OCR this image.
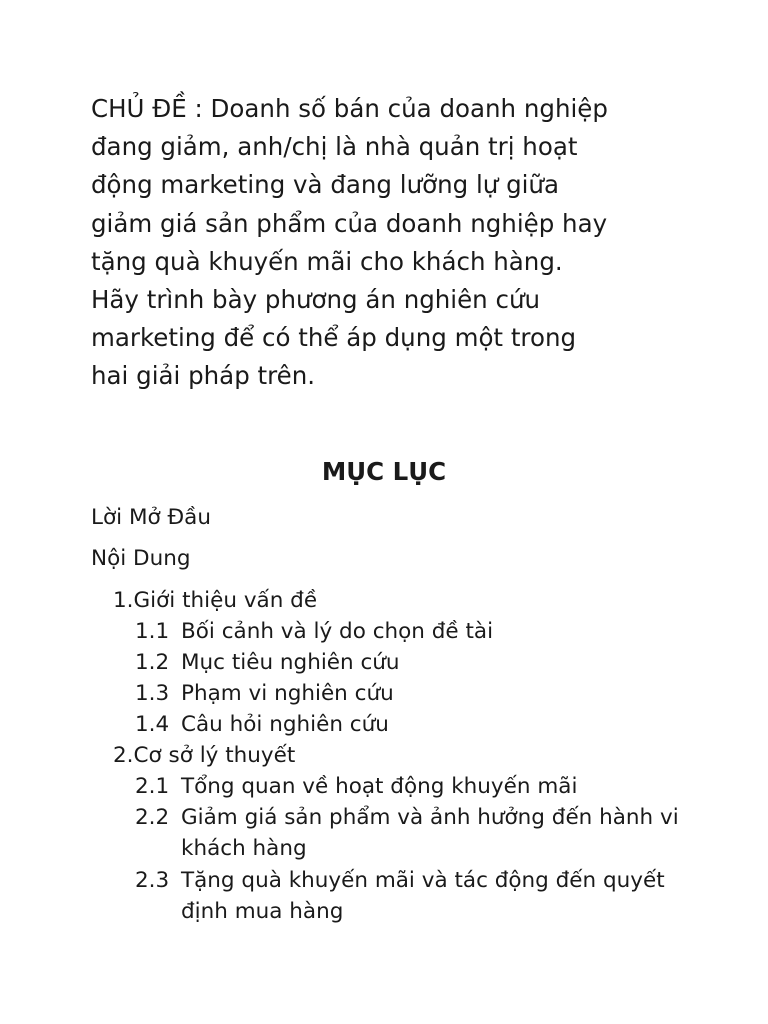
CHỦ ĐỀ : Doanh số bán của doanh nghiệp
đang giảm, anh/chị là nhà quản trị hoạt
động marketing và đang lưỡng lự giữa
giảm giá sản phẩm của doanh nghiệp hay
tặng quà khuyến mãi cho khách hàng.
Hãy trình bày phương án nghiên cứu
marketing để có thể áp dụng một trong
hai giải pháp trên.

MỤC LỤC

Lời Mở Đầu

Nội Dung

1.Giới thiệu vấn đề

1.1 Bối cảnh và lý do chọn đề tài
1.2 Mục tiêu nghiên cứu
1.3 Phạm vi nghiên cứu
1.4 Câu hỏi nghiên cứu

2.Cơ sở lý thuyết

2.1 Tổng quan về hoạt động khuyến mãi
2.2 Giảm giá sản phẩm và ảnh hưởng đến hành vi khách hàng
2.3 Tặng quà khuyến mãi và tác động đến quyết định mua hàng
